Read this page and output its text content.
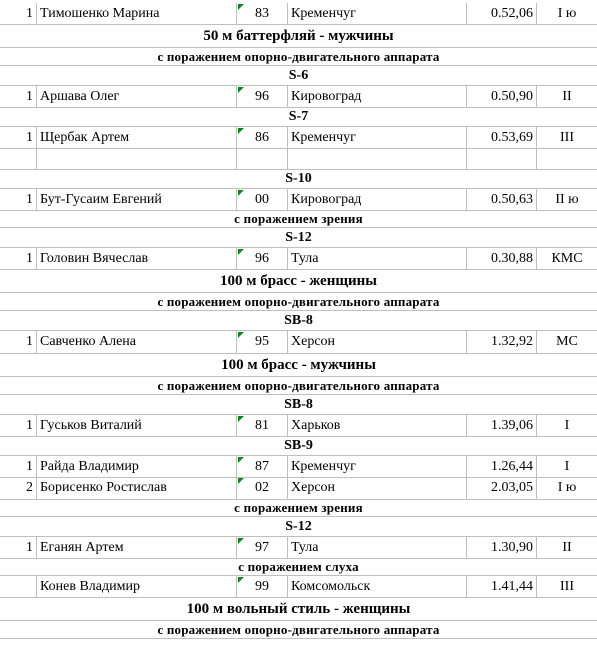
1 Тимошенко Марина	83	Кременчуг	0.52,06	I ю
50 м баттерфляй - мужчины
с поражением опорно-двигательного аппарата
S-6
1 Аршава Олег	96	Кировоград	0.50,90	II
S-7
1 Щербак Артем	86	Кременчуг	0.53,69	III
S-10
1 Бут-Гусаим Евгений	00	Кировоград	0.50,63	II ю
с поражением зрения
S-12
1 Головин Вячеслав	96	Тула	0.30,88	КМС
100 м брасс - женщины
с поражением опорно-двигательного аппарата
SB-8
1 Савченко Алена	95	Херсон	1.32,92	МС
100 м брасс - мужчины
с поражением опорно-двигательного аппарата
SB-8
1 Гуськов Виталий	81	Харьков	1.39,06	I
SB-9
1 Райда Владимир	87	Кременчуг	1.26,44	I
2 Борисенко Ростислав	02	Херсон	2.03,05	I ю
с поражением зрения
S-12
1 Еганян Артем	97	Тула	1.30,90	II
с поражением слуха
Конев Владимир	99	Комсомольск	1.41,44	III
100 м вольный стиль - женщины
с поражением опорно-двигательного аппарата
